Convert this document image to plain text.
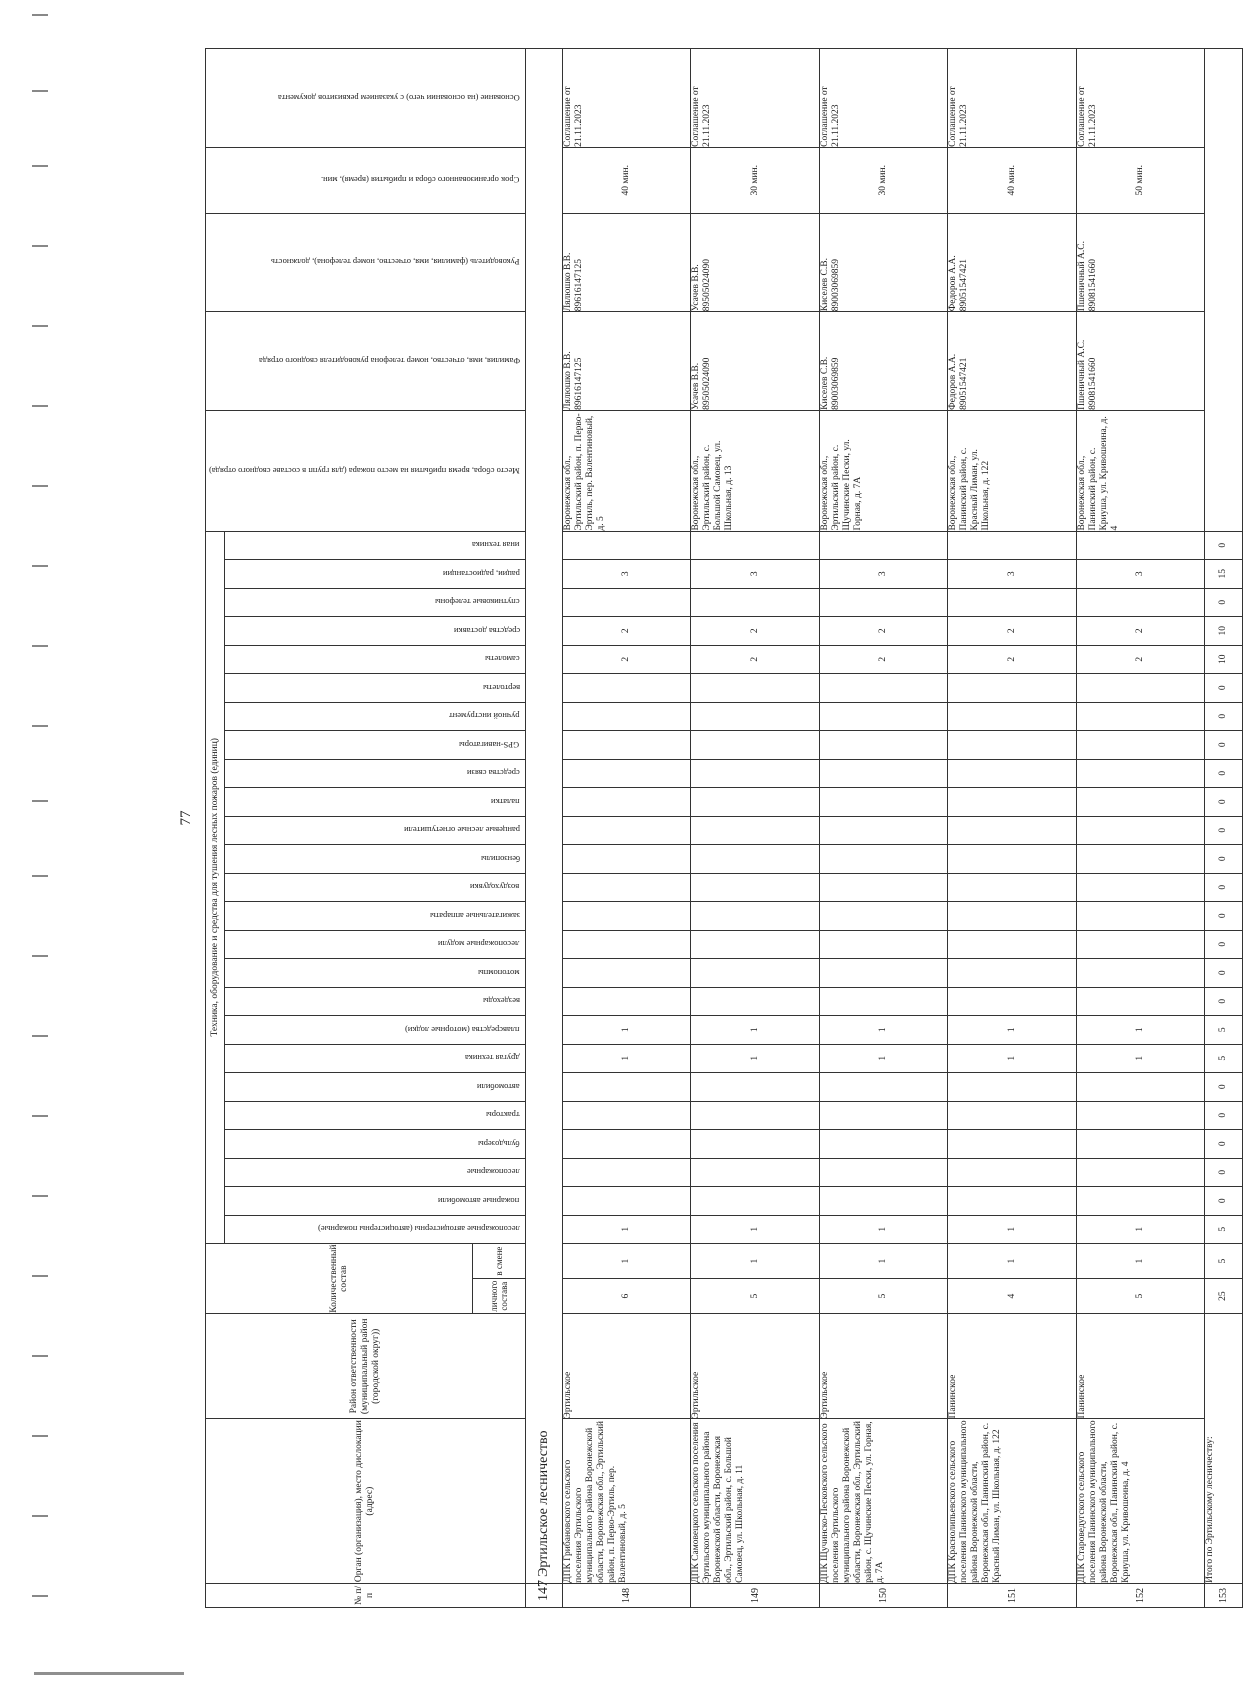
77
№ п/п	Орган (организация), место дислокации (адрес)	Район ответственности (муниципальный район (городской округ))	Количественный состав		Техника, оборудование и средства для тушения лесных пожаров (единиц)																									Место сбора, время прибытия на место пожара (для групп в составе сводного отряда)	Фамилия, имя, отчество, номер телефона руководителя сводного отряда	Руководитель (фамилия, имя, отчество, номер телефона), должность	Срок организованного сбора и прибытия (время), мин.	Основание (на основании чего) с указанием реквизитов документа
					лесопожарные автоцистерны (автоцистерны пожарные)	пожарные автомобили	лесопожарные	бульдозеры	тракторы	автомобили	другая техника	плавсредства (моторные лодки)	вездеходы	мотопомпы	лесопожарные модули	зажигательные аппараты	воздуходувки	бензопилы	ранцевые лесные огнетушители	палатки	средства связи	GPS-навигаторы	ручной инструмент	вертолеты	самолеты	средства доставки	спутниковые телефоны	рации, радиостанции	иная техника					
			личного состава	в смене																														
147	Эртильское лесничество																																	
148	ДПК Грибановского сельского поселения Эртильского муниципального района Воронежской области, Воронежская обл., Эртильский район, п. Перво-Эртиль, пер. Валентиновый, д. 5	Эртильское	6	1	1						1	1													2	2		3		Воронежская обл., Эртильский район, п. Перво-Эртиль, пер. Валентиновый, д. 5	Лялюшко В.В. 89616147125	Лялюшко В.В. 89616147125	40 мин.	Соглашение от 21.11.2023
149	ДПК Самовецкого сельского поселения Эртильского муниципального района Воронежской области, Воронежская обл., Эртильский район, с. Большой Самовец, ул. Школьная, д. 11	Эртильское	5	1	1						1	1													2	2		3		Воронежская обл., Эртильский район, с. Большой Самовец, ул. Школьная, д. 13	Усачев В.В. 89505024090	Усачев В.В. 89505024090	30 мин.	Соглашение от 21.11.2023
150	ДПК Щучинско-Песковского сельского поселения Эртильского муниципального района Воронежской области, Воронежская обл., Эртильский район, с. Щучинские Пески, ул. Горная, д. 7А	Эртильское	5	1	1						1	1													2	2		3		Воронежская обл., Эртильский район, с. Щучинские Пески, ул. Горная, д. 7А	Киселев С.В. 89003069859	Киселев С.В. 89003069859	30 мин.	Соглашение от 21.11.2023
151	ДПК Краснолипьевского сельского поселения Панинского муниципального района Воронежской области, Воронежская обл., Панинский район, с. Красный Лиман, ул. Школьная, д. 122	Панинское	4	1	1						1	1													2	2		3		Воронежская обл., Панинский район, с. Красный Лиман, ул. Школьная, д. 122	Федоров А.А. 89051547421	Федоров А.А. 89051547421	40 мин.	Соглашение от 21.11.2023
152	ДПК Староведугского сельского поселения Панинского муниципального района Воронежской области, Воронежская обл., Панинский район, с. Криуша, ул. Кривошеина, д. 4	Панинское	5	1	1						1	1													2	2		3		Воронежская обл., Панинский район, с. Криуша, ул. Кривошеина, д. 4	Пшеничный А.С. 89081541660	Пшеничный А.С. 89081541660	50 мин.	Соглашение от 21.11.2023
153	Итого по Эртильскому лесничеству:		25	5	5	0	0	0	0	0	5	5	0	0	0	0	0	0	0	0	0	0	0	0	10	10	0	15	0					
